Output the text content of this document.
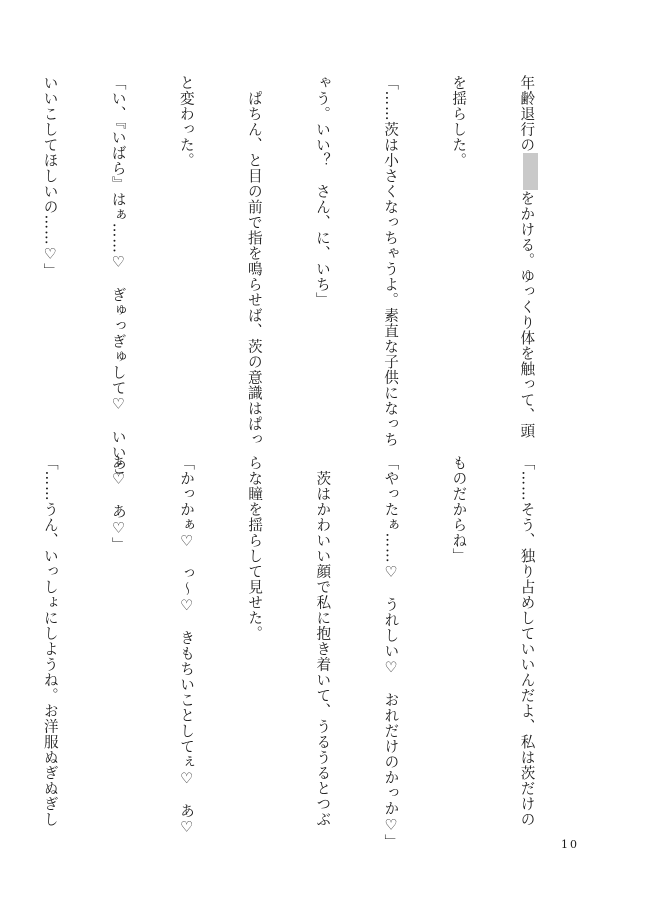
年齢退行のをかける。ゆっくり体を触って、頭

を揺らした。

「……茨は小さくなっちゃうよ。素直な子供になっち

ゃう。いい？　さん、に、いち」

　ぱちん、と目の前で指を鳴らせば、茨の意識はぱっ

と変わった。

「い、『いばら』はぁ……♡　ぎゅっぎゅして♡　いいこ

いいこしてほしいの……♡」

「……そう、独り占めしていいんだよ、私は茨だけの

ものだからね」

「やったぁ……♡　うれしい♡　おれだけのかっか♡」

　茨はかわいい顔で私に抱き着いて、うるうるとつぶ

らな瞳を揺らして見せた。

「かっかぁ♡　っ〜♡　きもちいことしてぇ♡　あ♡

あ♡　あ♡」

「……うん、いっしょにしようね。お洋服ぬぎぬぎし

10
